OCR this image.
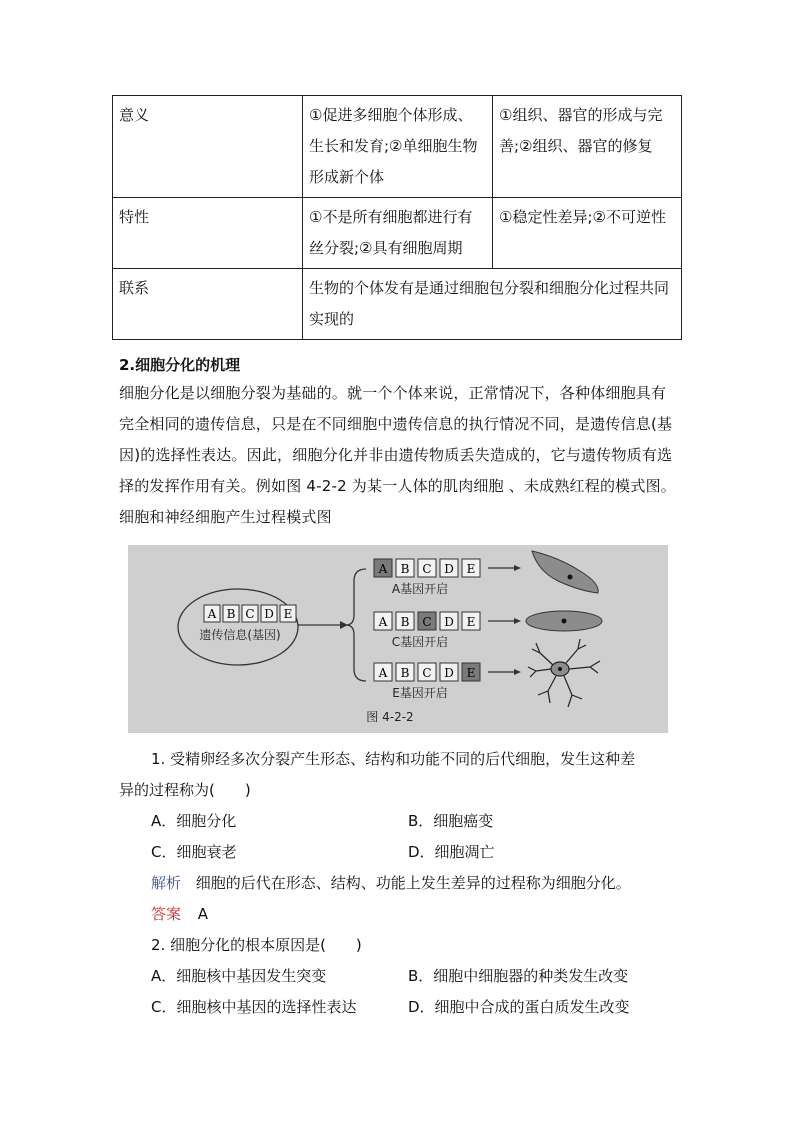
意义	①促进多细胞个体形成、生长和发育;②单细胞生物形成新个体	①组织、器官的形成与完善;②组织、器官的修复
特性	①不是所有细胞都进行有丝分裂;②具有细胞周期	①稳定性差异;②不可逆性
联系	生物的个体发有是通过细胞包分裂和细胞分化过程共同实现的	
2.细胞分化的机理
细胞分化是以细胞分裂为基础的。就一个个体来说，正常情况下，各种体细胞具有完全相同的遗传信息，只是在不同细胞中遗传信息的执行情况不同，是遗传信息(基因)的选择性表达。因此，细胞分化并非由遗传物质丢失造成的，它与遗传物质有选择的发挥作用有关。例如图 4-2-2 为某一人体的肌肉细胞 、未成熟红程的模式图。细胞和神经细胞产生过程模式图
A B C D E
遗传信息(基因)
A B C D E
A基因开启
A B C D E
C基因开启
A B C D E
E基因开启
图 4-2-2
1. 受精卵经多次分裂产生形态、结构和功能不同的后代细胞，发生这种差
异的过程称为(　　)
A．细胞分化	B．细胞癌变
C．细胞衰老	D．细胞凋亡
解析 细胞的后代在形态、结构、功能上发生差异的过程称为细胞分化。
答案 A
2. 细胞分化的根本原因是(　　)
A．细胞核中基因发生突变	B．细胞中细胞器的种类发生改变
C．细胞核中基因的选择性表达	D．细胞中合成的蛋白质发生改变
